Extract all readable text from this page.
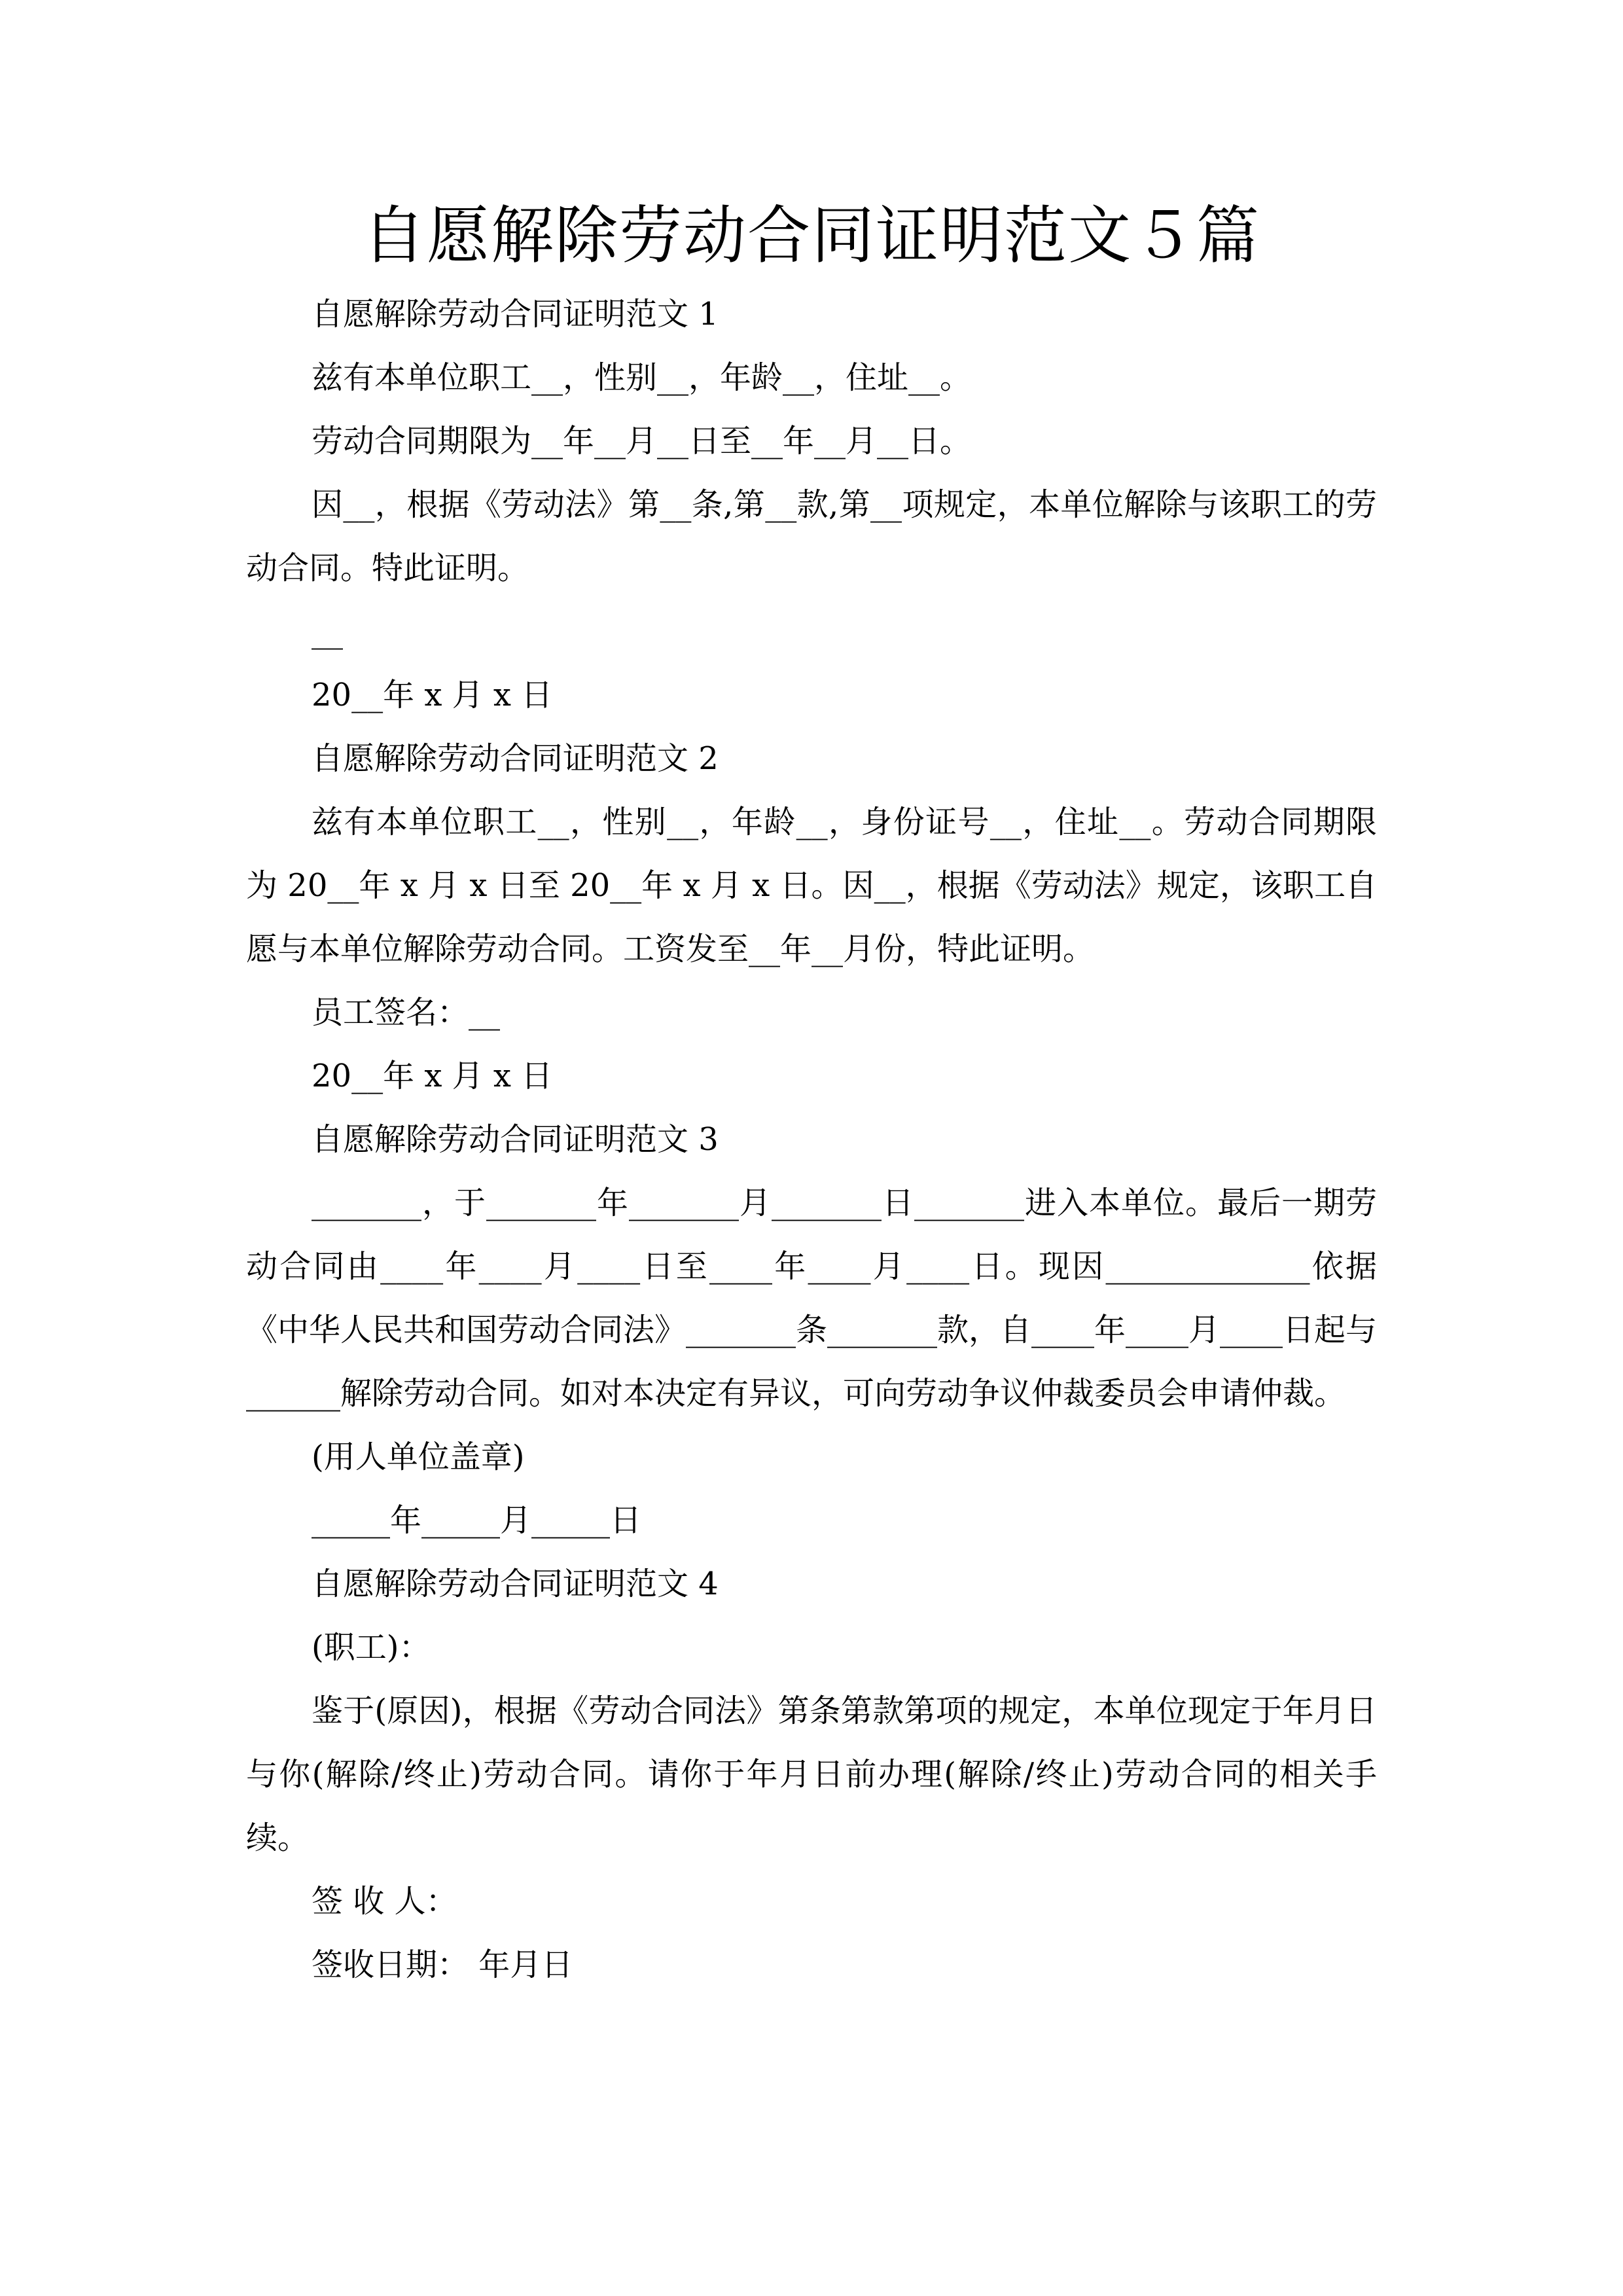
自愿解除劳动合同证明范文５篇

自愿解除劳动合同证明范文 1

兹有本单位职工__，性别__，年龄__，住址__。

劳动合同期限为__年__月__日至__年__月__日。

因__，根据《劳动法》第__条,第__款,第__项规定，本单位解除与该职工的劳动合同。特此证明。

__

20__年 x 月 x 日

自愿解除劳动合同证明范文 2

兹有本单位职工__，性别__，年龄__，身份证号__，住址__。劳动合同期限为 20__年 x 月 x 日至 20__年 x 月 x 日。因__，根据《劳动法》规定，该职工自愿与本单位解除劳动合同。工资发至__年__月份，特此证明。

员工签名：__

20__年 x 月 x 日

自愿解除劳动合同证明范文 3

_______，于_______年_______月_______日_______进入本单位。最后一期劳动合同由____年____月____日至____年____月____日。现因_____________依据《中华人民共和国劳动合同法》_______条_______款，自____年____月____日起与______解除劳动合同。如对本决定有异议，可向劳动争议仲裁委员会申请仲裁。

(用人单位盖章)

_____年_____月_____日

自愿解除劳动合同证明范文 4

(职工)：

鉴于(原因)，根据《劳动合同法》第条第款第项的规定，本单位现定于年月日与你(解除/终止)劳动合同。请你于年月日前办理(解除/终止)劳动合同的相关手续。

签 收 人：

签收日期： 年月日
